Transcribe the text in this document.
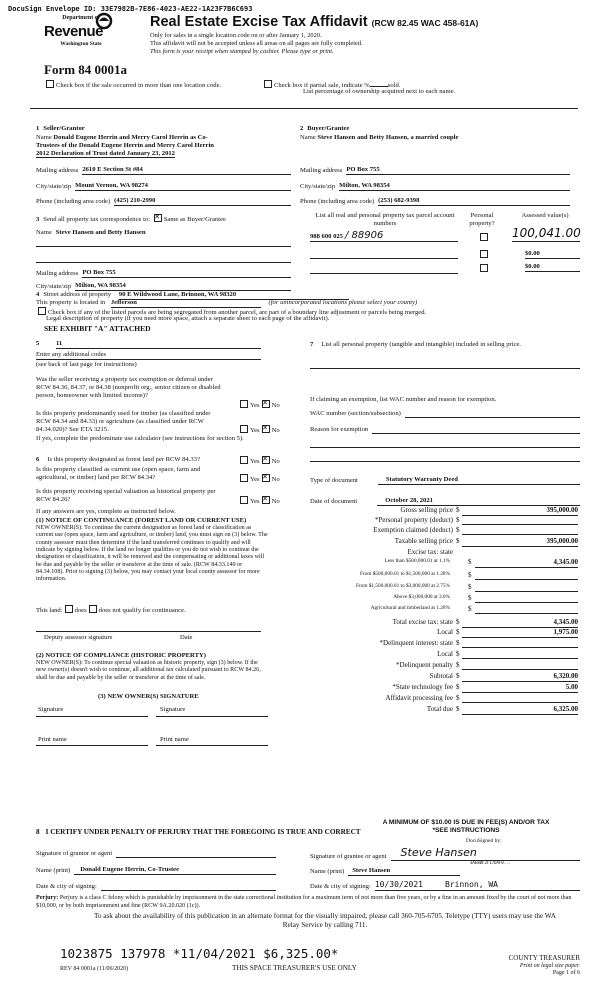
DocuSign Envelope ID: 33E7982B-7E86-4023-AE22-1A23F7B6C693
Department of
Revenue
Washington State
Real Estate Excise Tax Affidavit (RCW 82.45 WAC 458-61A)
Only for sales in a single location code on or after January 1, 2020.
This affidavit will not be accepted unless all areas on all pages are fully completed.
This form is your receipt when stamped by cashier. Please type or print.
Form 84 0001a
Check box if the sale occurred in more than one location code.	Check box if partial sale, indicate %	sold.
List percentage of ownership acquired next to each name.
1 Seller/Grantor
Name Donald Eugene Herrin and Merry Carol Herrin as Co-
Trustees of the Donald Eugene Herrin and Merry Carol Herrin
2012 Declaration of Trust dated January 23, 2012
Mailing address 2610 E Section St #84
City/state/zip Mount Vernon, WA 98274
Phone (including area code) (425) 210-2990
2 Buyer/Grantee
Name Steve Hansen and Betty Hansen, a married couple
Mailing address PO Box 755
City/state/zip Milton, WA 98354
Phone (including area code) (253) 682-9398
3 Send all property tax correspondence to: ✕ Same as Buyer/Grantee
Name Steve Hansen and Betty Hansen
Mailing address PO Box 755
City/state/zip Milton, WA 98354
List all real and personal property tax parcel account numbers
Personal property?
Assessed value(s)
988 600 025 / 88906	100,041.00
$0.00
$0.00
4 Street address of property 90 E Wildwood Lane, Brinnon, WA 98320
This property is located in Jefferson	(for unincorporated locations please select your county)
Check box if any of the listed parcels are being segregated from another parcel, are part of a boundary line adjustment or parcels being merged.
Legal description of property (if you need more space, attach a separate sheet to each page of the affidavit).
SEE EXHIBIT "A" ATTACHED
5	11
Enter any additional codes
(see back of last page for instructions)
Was the seller receiving a property tax exemption or deferral under RCW 84.36, 84.37, or 84.38 (nonprofit org., senior citizen or disabled person, homeowner with limited income)?
Yes ✕ No
Is this property predominantly used for timber (as classified under RCW 84.34 and 84.33) or agriculture (as classified under RCW 84.34.020)? See ETA 3215.	Yes ✕ No
If yes, complete the predominate use calculator (see instructions for section 5).
6 Is this property designated as forest land per RCW 84.33?	Yes ✕ No
Is this property classified as current use (open space, farm and agricultural, or timber) land per RCW 84.34?	Yes ✕ No
Is this property receiving special valuation as historical property per RCW 84.26?	Yes ✕ No
If any answers are yes, complete as instructed below.
(1) NOTICE OF CONTINUANCE (FOREST LAND OR CURRENT USE)
NEW OWNER(S): To continue the current designation as forest land or classification as current use (open space, farm and agriculture, or timber) land, you must sign on (3) below. The county assessor must then determine if the land transferred continues to qualify and will indicate by signing below. If the land no longer qualifies or you do not wish to continue the designation or classification, it will be removed and the compensating or additional taxes will be due and payable by the seller or transferor at the time of sale. (RCW 84.33.140 or 84.34.108). Prior to signing (3) below, you may contact your local county assessor for more information.
This land: does does not qualify for continuance.
Deputy assessor signature	Date
(2) NOTICE OF COMPLIANCE (HISTORIC PROPERTY)
NEW OWNER(S): To continue special valuation as historic property, sign (3) below. If the new owner(s) doesn't wish to continue, all additional tax calculated pursuant to RCW 84.26, shall be due and payable by the seller or transferor at the time of sale.
(3) NEW OWNER(S) SIGNATURE
Signature	Signature
Print name	Print name
7 List all personal property (tangible and intangible) included in selling price.
If claiming an exemption, list WAC number and reason for exemption.
WAC number (section/subsection)
Reason for exemption
Type of document	Statutory Warranty Deed
Date of document	October 28, 2021
Gross selling price $	395,000.00
*Personal property (deduct) $
Exemption claimed (deduct) $
Taxable selling price $	395,000.00
Excise tax: state
Less than $500,000.01 at 1.1%	$	4,345.00
From $500,000.01 to $1,500,000 at 1.28%	$
From $1,500,000.01 to $3,000,000 at 2.75%	$
Above $3,000,000 at 3.0%	$
Agricultural and timberland at 1.28%	$
Total excise tax: state $	4,345.00
Local $	1,975.00
*Delinquent interest: state $
Local $
*Delinquent penalty $
Subtotal $	6,320.00
*State technology fee $	5.00
Affidavit processing fee $
Total due $	6,325.00
A MINIMUM OF $10.00 IS DUE IN FEE(S) AND/OR TAX
*SEE INSTRUCTIONS
8 I CERTIFY UNDER PENALTY OF PERJURY THAT THE FOREGOING IS TRUE AND CORRECT
Signature of grantor or agent
Name (print)	Donald Eugene Herrin, Co-Trustee
Date & city of signing:
DocuSigned by:
Signature of grantee or agent Steve Hansen
3AE8BF2F17DAF0...
Name (print)	Steve Hansen
Date & city of signing: 10/30/2021	Brinnon, WA
Perjury: Perjury is a class C felony which is punishable by imprisonment in the state correctional institution for a maximum term of not more than five years, or by a fine in an amount fixed by the court of not more than $10,000, or by both imprisonment and fine (RCW 9A.20.020 (1c)).
To ask about the availability of this publication in an alternate format for the visually impaired, please call 360-705-6705. Teletype (TTY) users may use the WA Relay Service by calling 711.
1023875 137978 *11/04/2021 $6,325.00*
REV 84 0001a (11/06/2020)	THIS SPACE TREASURER'S USE ONLY
COUNTY TREASURER
Print on legal size paper.
Page 1 of 6
